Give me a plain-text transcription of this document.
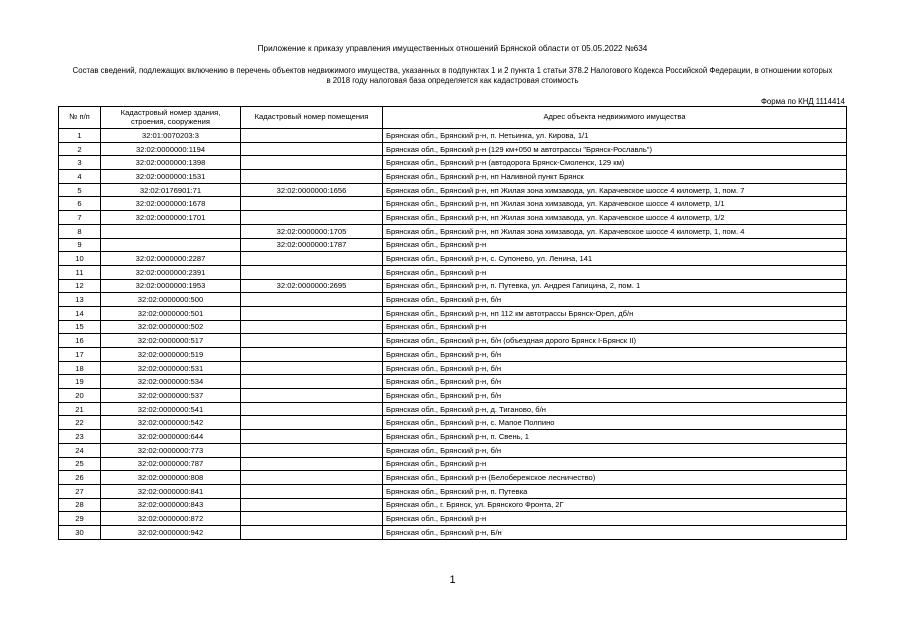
Приложение к приказу управления имущественных отношений Брянской области от 05.05.2022 №634
Состав сведений, подлежащих включению в перечень объектов недвижимого имущества, указанных в подпунктах 1 и 2 пункта 1 статьи 378.2 Налогового Кодекса Российской Федерации, в отношении которых в 2018 году налоговая база определяется как кадастровая стоимость
Форма по КНД 1114414
№ п/п	Кадастровый номер здания, строения, сооружения	Кадастровый номер помещения	Адрес объекта недвижимого имущества
1	32:01:0070203:3		Брянская обл., Брянский р-н, п. Нетьинка, ул. Кирова, 1/1
2	32:02:0000000:1194		Брянская обл., Брянский р-н (129 км+050 м автотрассы "Брянск-Рославль")
3	32:02:0000000:1398		Брянская обл., Брянский р-н (автодорога Брянск-Смоленск, 129 км)
4	32:02:0000000:1531		Брянская обл., Брянский р-н, нп Наливной пункт Брянск
5	32:02:0176901:71	32:02:0000000:1656	Брянская обл., Брянский р-н, нп Жилая зона химзавода, ул. Карачевское шоссе 4 километр, 1, пом. 7
6	32:02:0000000:1678		Брянская обл., Брянский р-н, нп Жилая зона химзавода, ул. Карачевское шоссе 4 километр, 1/1
7	32:02:0000000:1701		Брянская обл., Брянский р-н, нп Жилая зона химзавода, ул. Карачевское шоссе 4 километр, 1/2
8		32:02:0000000:1705	Брянская обл., Брянский р-н, нп Жилая зона химзавода, ул. Карачевское шоссе 4 километр, 1, пом. 4
9		32:02:0000000:1787	Брянская обл., Брянский р-н
10	32:02:0000000:2287		Брянская обл., Брянский р-н, с. Супонево, ул. Ленина, 141
11	32:02:0000000:2391		Брянская обл., Брянский р-н
12	32:02:0000000:1953	32:02:0000000:2695	Брянская обл., Брянский р-н, п. Путевка, ул. Андрея Гапицина, 2, пом. 1
13	32:02:0000000:500		Брянская обл., Брянский р-н, б/н
14	32:02:0000000:501		Брянская обл., Брянский р-н, нп 112 км автотрассы Брянск-Орел, дб/н
15	32:02:0000000:502		Брянская обл., Брянский р-н
16	32:02:0000000:517		Брянская обл., Брянский р-н, б/н (объездная дорого Брянск I-Брянск II)
17	32:02:0000000:519		Брянская обл., Брянский р-н, б/н
18	32:02:0000000:531		Брянская обл., Брянский р-н, б/н
19	32:02:0000000:534		Брянская обл., Брянский р-н, б/н
20	32:02:0000000:537		Брянская обл., Брянский р-н, б/н
21	32:02:0000000:541		Брянская обл., Брянский р-н, д. Тиганово, б/н
22	32:02:0000000:542		Брянская обл., Брянский р-н, с. Мапое Полпино
23	32:02:0000000:644		Брянская обл., Брянский р-н, п. Свень, 1
24	32:02:0000000:773		Брянская обл., Брянский р-н, б/н
25	32:02:0000000:787		Брянская обл., Брянский р-н
26	32:02:0000000:808		Брянская обл., Брянский р-н (Белобережское лесничество)
27	32:02:0000000:841		Брянская обл., Брянский р-н, п. Путевка
28	32:02:0000000:843		Брянская обл., г. Брянск, ул. Брянского Фронта, 2Г
29	32:02:0000000:872		Брянская обл., Брянский р-н
30	32:02:0000000:942		Брянская обл., Брянский р-н, Б/н
1
